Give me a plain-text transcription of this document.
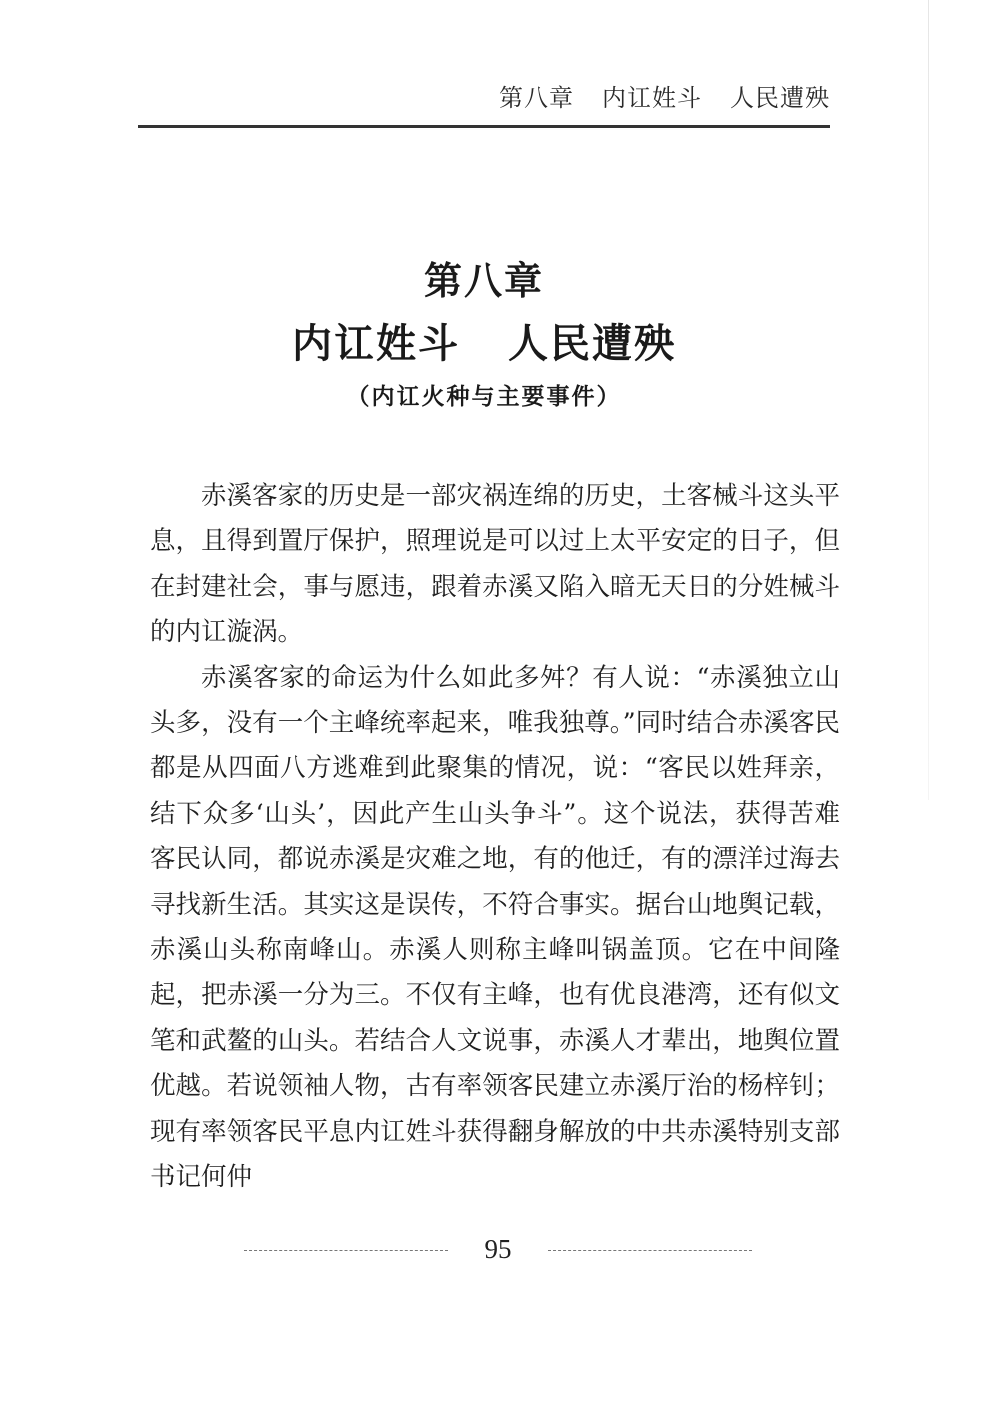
第八章 内讧姓斗 人民遭殃
第八章
内讧姓斗 人民遭殃
（内讧火种与主要事件）

赤溪客家的历史是一部灾祸连绵的历史，土客械斗这头平息，且得到置厅保护，照理说是可以过上太平安定的日子，但在封建社会，事与愿违，跟着赤溪又陷入暗无天日的分姓械斗的内讧漩涡。

赤溪客家的命运为什么如此多舛？有人说：“赤溪独立山头多，没有一个主峰统率起来，唯我独尊。”同时结合赤溪客民都是从四面八方逃难到此聚集的情况，说：“客民以姓拜亲，结下众多‘山头’，因此产生山头争斗”。这个说法，获得苦难客民认同，都说赤溪是灾难之地，有的他迁，有的漂洋过海去寻找新生活。其实这是误传，不符合事实。据台山地舆记载，赤溪山头称南峰山。赤溪人则称主峰叫锅盖顶。它在中间隆起，把赤溪一分为三。不仅有主峰，也有优良港湾，还有似文笔和武鳌的山头。若结合人文说事，赤溪人才辈出，地舆位置优越。若说领袖人物，古有率领客民建立赤溪厅治的杨梓钊；现有率领客民平息内讧姓斗获得翻身解放的中共赤溪特别支部书记何仲

95
